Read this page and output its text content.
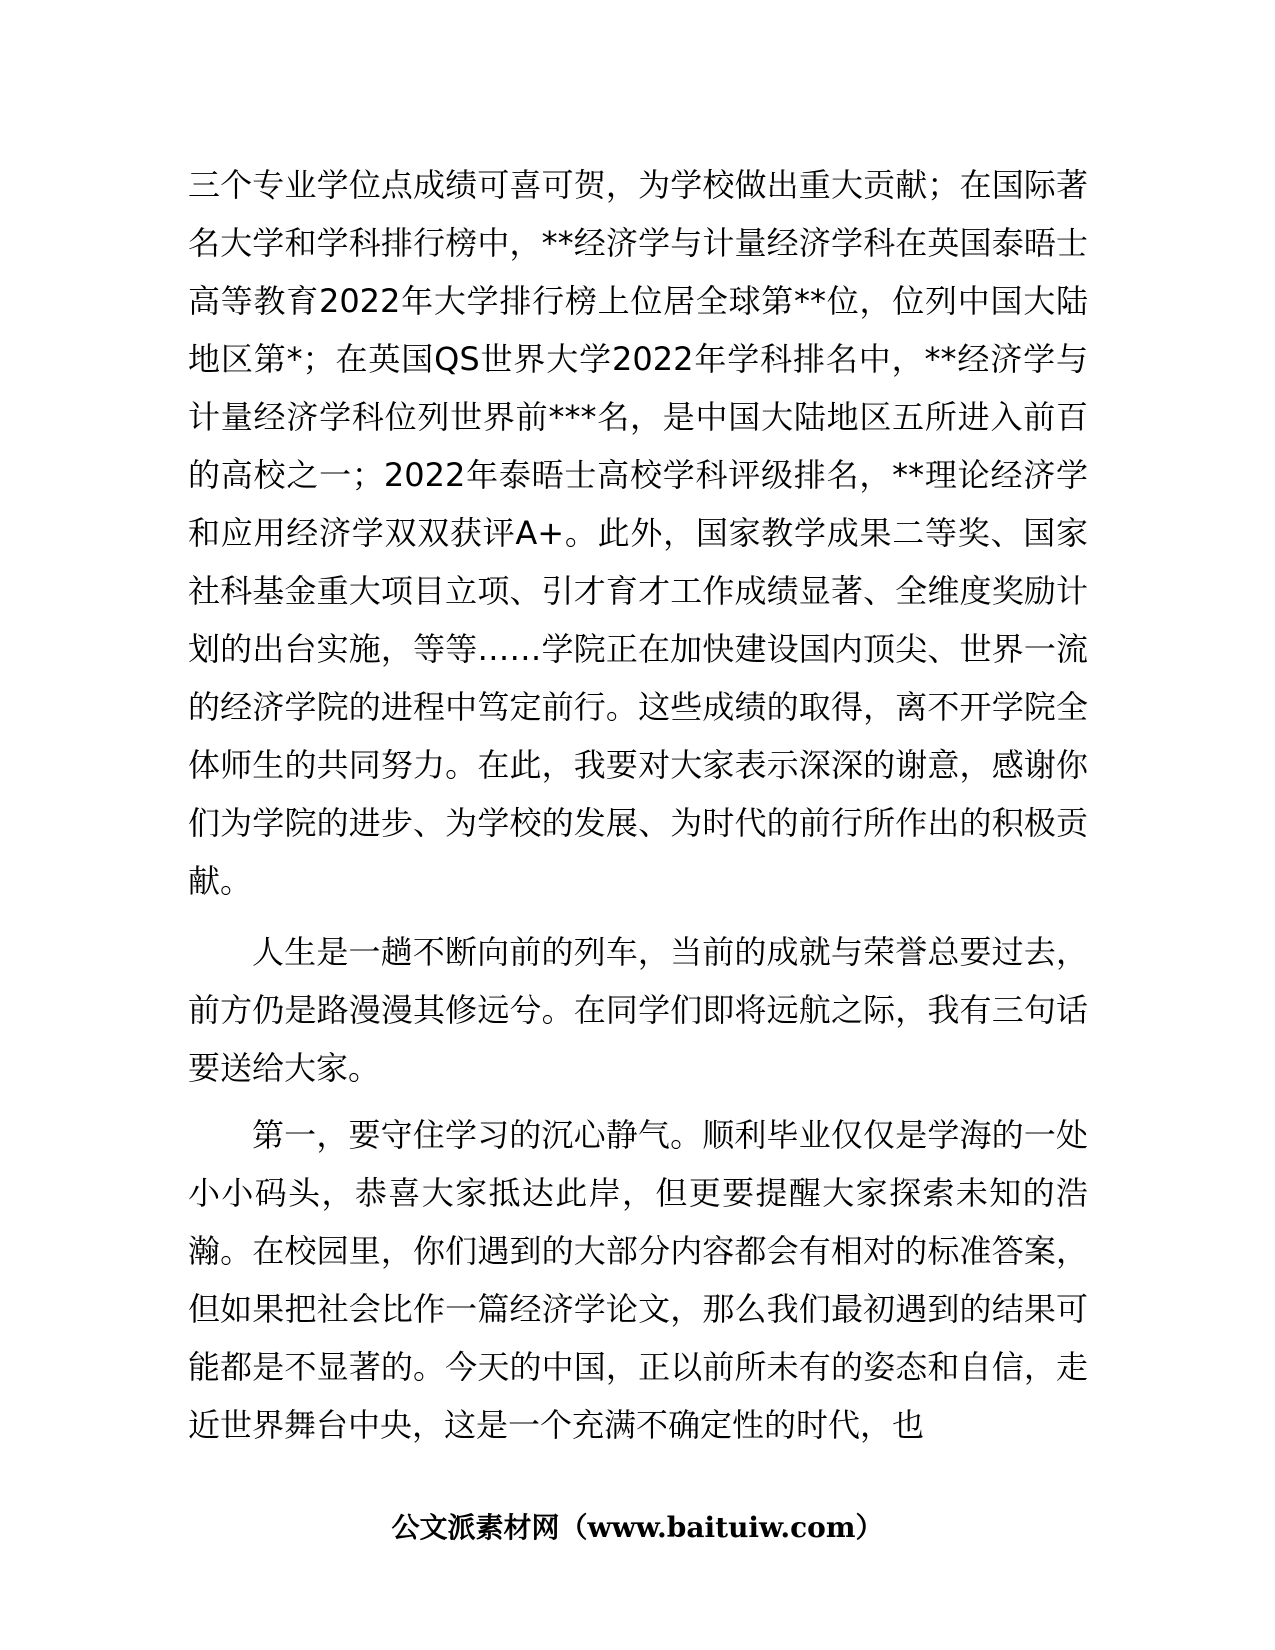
三个专业学位点成绩可喜可贺，为学校做出重大贡献；在国际著名大学和学科排行榜中，**经济学与计量经济学科在英国泰晤士高等教育2022年大学排行榜上位居全球第**位，位列中国大陆地区第*；在英国QS世界大学2022年学科排名中，**经济学与计量经济学科位列世界前***名，是中国大陆地区五所进入前百的高校之一；2022年泰晤士高校学科评级排名，**理论经济学和应用经济学双双获评A+。此外，国家教学成果二等奖、国家社科基金重大项目立项、引才育才工作成绩显著、全维度奖励计划的出台实施，等等……学院正在加快建设国内顶尖、世界一流的经济学院的进程中笃定前行。这些成绩的取得，离不开学院全体师生的共同努力。在此，我要对大家表示深深的谢意，感谢你们为学院的进步、为学校的发展、为时代的前行所作出的积极贡献。

人生是一趟不断向前的列车，当前的成就与荣誉总要过去，前方仍是路漫漫其修远兮。在同学们即将远航之际，我有三句话要送给大家。

第一，要守住学习的沉心静气。顺利毕业仅仅是学海的一处小小码头，恭喜大家抵达此岸，但更要提醒大家探索未知的浩瀚。在校园里，你们遇到的大部分内容都会有相对的标准答案，但如果把社会比作一篇经济学论文，那么我们最初遇到的结果可能都是不显著的。今天的中国，正以前所未有的姿态和自信，走近世界舞台中央，这是一个充满不确定性的时代，也

公文派素材网（www.baituiw.com）
